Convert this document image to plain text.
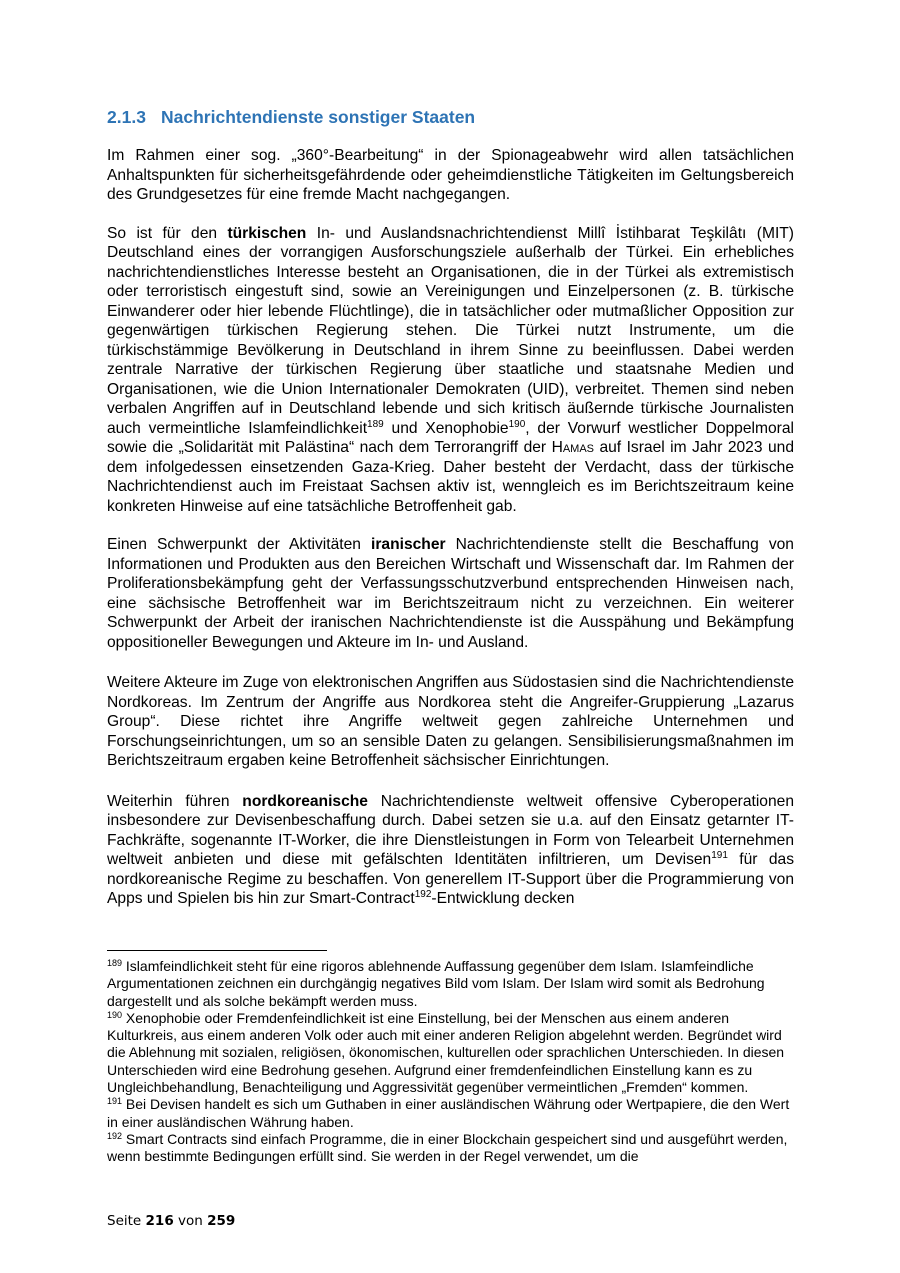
2.1.3 Nachrichtendienste sonstiger Staaten

Im Rahmen einer sog. „360°-Bearbeitung“ in der Spionageabwehr wird allen tatsächlichen Anhaltspunkten für sicherheitsgefährdende oder geheimdienstliche Tätigkeiten im Geltungsbereich des Grundgesetzes für eine fremde Macht nachgegangen.

So ist für den türkischen In- und Auslandsnachrichtendienst Millî İstihbarat Teşkilâtı (MIT) Deutschland eines der vorrangigen Ausforschungsziele außerhalb der Türkei. Ein erhebliches nachrichtendienstliches Interesse besteht an Organisationen, die in der Türkei als extremistisch oder terroristisch eingestuft sind, sowie an Vereinigungen und Einzelpersonen (z. B. türkische Einwanderer oder hier lebende Flüchtlinge), die in tatsächlicher oder mutmaßlicher Opposition zur gegenwärtigen türkischen Regierung stehen. Die Türkei nutzt Instrumente, um die türkischstämmige Bevölkerung in Deutschland in ihrem Sinne zu beeinflussen. Dabei werden zentrale Narrative der türkischen Regierung über staatliche und staatsnahe Medien und Organisationen, wie die Union Internationaler Demokraten (UID), verbreitet. Themen sind neben verbalen Angriffen auf in Deutschland lebende und sich kritisch äußernde türkische Journalisten auch vermeintliche Islamfeindlichkeit$^{189}$ und Xenophobie$^{190}$, der Vorwurf westlicher Doppelmoral sowie die „Solidarität mit Palästina“ nach dem Terrorangriff der Hamas auf Israel im Jahr 2023 und dem infolgedessen einsetzenden Gaza-Krieg. Daher besteht der Verdacht, dass der türkische Nachrichtendienst auch im Freistaat Sachsen aktiv ist, wenngleich es im Berichtszeitraum keine konkreten Hinweise auf eine tatsächliche Betroffenheit gab.

Einen Schwerpunkt der Aktivitäten iranischer Nachrichtendienste stellt die Beschaffung von Informationen und Produkten aus den Bereichen Wirtschaft und Wissenschaft dar. Im Rahmen der Proliferationsbekämpfung geht der Verfassungsschutzverbund entsprechenden Hinweisen nach, eine sächsische Betroffenheit war im Berichtszeitraum nicht zu verzeichnen. Ein weiterer Schwerpunkt der Arbeit der iranischen Nachrichtendienste ist die Ausspähung und Bekämpfung oppositioneller Bewegungen und Akteure im In- und Ausland.

Weitere Akteure im Zuge von elektronischen Angriffen aus Südostasien sind die Nachrichtendienste Nordkoreas. Im Zentrum der Angriffe aus Nordkorea steht die Angreifer-Gruppierung „Lazarus Group“. Diese richtet ihre Angriffe weltweit gegen zahlreiche Unternehmen und Forschungseinrichtungen, um so an sensible Daten zu gelangen. Sensibilisierungsmaßnahmen im Berichtszeitraum ergaben keine Betroffenheit sächsischer Einrichtungen.

Weiterhin führen nordkoreanische Nachrichtendienste weltweit offensive Cyberoperationen insbesondere zur Devisenbeschaffung durch. Dabei setzen sie u.a. auf den Einsatz getarnter IT-Fachkräfte, sogenannte IT-Worker, die ihre Dienstleistungen in Form von Telearbeit Unternehmen weltweit anbieten und diese mit gefälschten Identitäten infiltrieren, um Devisen$^{191}$ für das nordkoreanische Regime zu beschaffen. Von generellem IT-Support über die Programmierung von Apps und Spielen bis hin zur Smart-Contract$^{192}$-Entwicklung decken

$^{189}$ Islamfeindlichkeit steht für eine rigoros ablehnende Auffassung gegenüber dem Islam. Islamfeindliche Argumentationen zeichnen ein durchgängig negatives Bild vom Islam. Der Islam wird somit als Bedrohung dargestellt und als solche bekämpft werden muss.

$^{190}$ Xenophobie oder Fremdenfeindlichkeit ist eine Einstellung, bei der Menschen aus einem anderen Kulturkreis, aus einem anderen Volk oder auch mit einer anderen Religion abgelehnt werden. Begründet wird die Ablehnung mit sozialen, religiösen, ökonomischen, kulturellen oder sprachlichen Unterschieden. In diesen Unterschieden wird eine Bedrohung gesehen. Aufgrund einer fremdenfeindlichen Einstellung kann es zu Ungleichbehandlung, Benachteiligung und Aggressivität gegenüber vermeintlichen „Fremden“ kommen.

$^{191}$ Bei Devisen handelt es sich um Guthaben in einer ausländischen Währung oder Wertpapiere, die den Wert in einer ausländischen Währung haben.

$^{192}$ Smart Contracts sind einfach Programme, die in einer Blockchain gespeichert sind und ausgeführt werden, wenn bestimmte Bedingungen erfüllt sind. Sie werden in der Regel verwendet, um die

Seite 216 von 259
